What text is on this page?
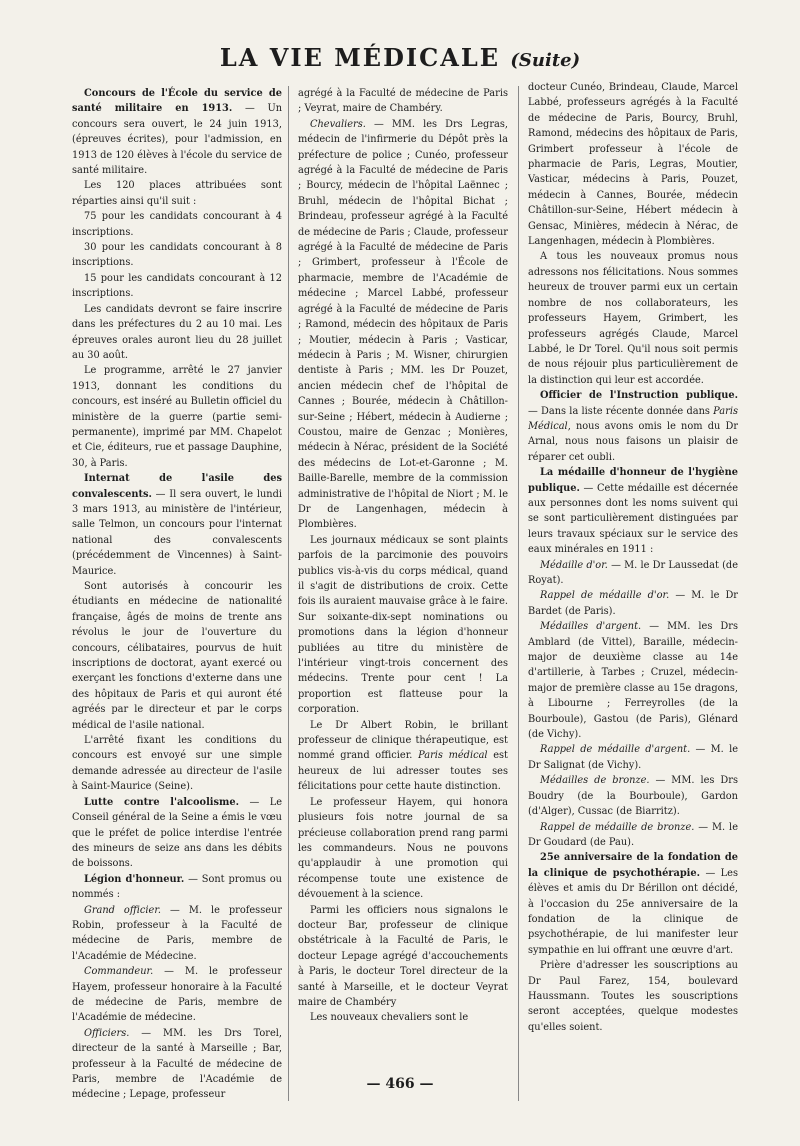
LA VIE MÉDICALE (Suite)

Concours de l'École du service de santé militaire en 1913. — Un concours sera ouvert, le 24 juin 1913, (épreuves écrites), pour l'admission, en 1913 de 120 élèves à l'école du service de santé militaire.

Les 120 places attribuées sont réparties ainsi qu'il suit :

75 pour les candidats concourant à 4 inscriptions.

30 pour les candidats concourant à 8 inscriptions.

15 pour les candidats concourant à 12 inscriptions.

Les candidats devront se faire inscrire dans les préfectures du 2 au 10 mai. Les épreuves orales auront lieu du 28 juillet au 30 août.

Le programme, arrêté le 27 janvier 1913, donnant les conditions du concours, est inséré au Bulletin officiel du ministère de la guerre (partie semi-permanente), imprimé par MM. Chapelot et Cie, éditeurs, rue et passage Dauphine, 30, à Paris.

Internat de l'asile des convalescents. — Il sera ouvert, le lundi 3 mars 1913, au ministère de l'intérieur, salle Telmon, un concours pour l'internat national des convalescents (précédemment de Vincennes) à Saint-Maurice.

Sont autorisés à concourir les étudiants en médecine de nationalité française, âgés de moins de trente ans révolus le jour de l'ouverture du concours, célibataires, pourvus de huit inscriptions de doctorat, ayant exercé ou exerçant les fonctions d'externe dans une des hôpitaux de Paris et qui auront été agréés par le directeur et par le corps médical de l'asile national.

L'arrêté fixant les conditions du concours est envoyé sur une simple demande adressée au directeur de l'asile à Saint-Maurice (Seine).

Lutte contre l'alcoolisme. — Le Conseil général de la Seine a émis le vœu que le préfet de police interdise l'entrée des mineurs de seize ans dans les débits de boissons.

Légion d'honneur. — Sont promus ou nommés :

Grand officier. — M. le professeur Robin, professeur à la Faculté de médecine de Paris, membre de l'Académie de Médecine.

Commandeur. — M. le professeur Hayem, professeur honoraire à la Faculté de médecine de Paris, membre de l'Académie de médecine.

Officiers. — MM. les Drs Torel, directeur de la santé à Marseille ; Bar, professeur à la Faculté de médecine de Paris, membre de l'Académie de médecine ; Lepage, professeur

agrégé à la Faculté de médecine de Paris ; Veyrat, maire de Chambéry.

Chevaliers. — MM. les Drs Legras, médecin de l'infirmerie du Dépôt près la préfecture de police ; Cunéo, professeur agrégé à la Faculté de médecine de Paris ; Bourcy, médecin de l'hôpital Laënnec ; Bruhl, médecin de l'hôpital Bichat ; Brindeau, professeur agrégé à la Faculté de médecine de Paris ; Claude, professeur agrégé à la Faculté de médecine de Paris ; Grimbert, professeur à l'École de pharmacie, membre de l'Académie de médecine ; Marcel Labbé, professeur agrégé à la Faculté de médecine de Paris ; Ramond, médecin des hôpitaux de Paris ; Moutier, médecin à Paris ; Vasticar, médecin à Paris ; M. Wisner, chirurgien dentiste à Paris ; MM. les Dr Pouzet, ancien médecin chef de l'hôpital de Cannes ; Bourée, médecin à Châtillon-sur-Seine ; Hébert, médecin à Audierne ; Coustou, maire de Genzac ; Monières, médecin à Nérac, président de la Société des médecins de Lot-et-Garonne ; M. Baille-Barelle, membre de la commission administrative de l'hôpital de Niort ; M. le Dr de Langenhagen, médecin à Plombières.

Les journaux médicaux se sont plaints parfois de la parcimonie des pouvoirs publics vis-à-vis du corps médical, quand il s'agit de distributions de croix. Cette fois ils auraient mauvaise grâce à le faire. Sur soixante-dix-sept nominations ou promotions dans la légion d'honneur publiées au titre du ministère de l'intérieur vingt-trois concernent des médecins. Trente pour cent ! La proportion est flatteuse pour la corporation.

Le Dr Albert Robin, le brillant professeur de clinique thérapeutique, est nommé grand officier. Paris médical est heureux de lui adresser toutes ses félicitations pour cette haute distinction.

Le professeur Hayem, qui honora plusieurs fois notre journal de sa précieuse collaboration prend rang parmi les commandeurs. Nous ne pouvons qu'applaudir à une promotion qui récompense toute une existence de dévouement à la science.

Parmi les officiers nous signalons le docteur Bar, professeur de clinique obstétricale à la Faculté de Paris, le docteur Lepage agrégé d'accouchements à Paris, le docteur Torel directeur de la santé à Marseille, et le docteur Veyrat maire de Chambéry

Les nouveaux chevaliers sont le

docteur Cunéo, Brindeau, Claude, Marcel Labbé, professeurs agrégés à la Faculté de médecine de Paris, Bourcy, Bruhl, Ramond, médecins des hôpitaux de Paris, Grimbert professeur à l'école de pharmacie de Paris, Legras, Moutier, Vasticar, médecins à Paris, Pouzet, médecin à Cannes, Bourée, médecin Châtillon-sur-Seine, Hébert médecin à Gensac, Minières, médecin à Nérac, de Langenhagen, médecin à Plombières.

A tous les nouveaux promus nous adressons nos félicitations. Nous sommes heureux de trouver parmi eux un certain nombre de nos collaborateurs, les professeurs Hayem, Grimbert, les professeurs agrégés Claude, Marcel Labbé, le Dr Torel. Qu'il nous soit permis de nous réjouir plus particulièrement de la distinction qui leur est accordée.

Officier de l'Instruction publique. — Dans la liste récente donnée dans Paris Médical, nous avons omis le nom du Dr Arnal, nous nous faisons un plaisir de réparer cet oubli.

La médaille d'honneur de l'hygiène publique. — Cette médaille est décernée aux personnes dont les noms suivent qui se sont particulièrement distinguées par leurs travaux spéciaux sur le service des eaux minérales en 1911 :

Médaille d'or. — M. le Dr Laussedat (de Royat).

Rappel de médaille d'or. — M. le Dr Bardet (de Paris).

Médailles d'argent. — MM. les Drs Amblard (de Vittel), Baraille, médecin-major de deuxième classe au 14e d'artillerie, à Tarbes ; Cruzel, médecin-major de première classe au 15e dragons, à Libourne ; Ferreyrolles (de la Bourboule), Gastou (de Paris), Glénard (de Vichy).

Rappel de médaille d'argent. — M. le Dr Salignat (de Vichy).

Médailles de bronze. — MM. les Drs Boudry (de la Bourboule), Gardon (d'Alger), Cussac (de Biarritz).

Rappel de médaille de bronze. — M. le Dr Goudard (de Pau).

25e anniversaire de la fondation de la clinique de psychothérapie. — Les élèves et amis du Dr Bérillon ont décidé, à l'occasion du 25e anniversaire de la fondation de la clinique de psychothérapie, de lui manifester leur sympathie en lui offrant une œuvre d'art.

Prière d'adresser les souscriptions au Dr Paul Farez, 154, boulevard Haussmann. Toutes les souscriptions seront acceptées, quelque modestes qu'elles soient.

— 466 —
